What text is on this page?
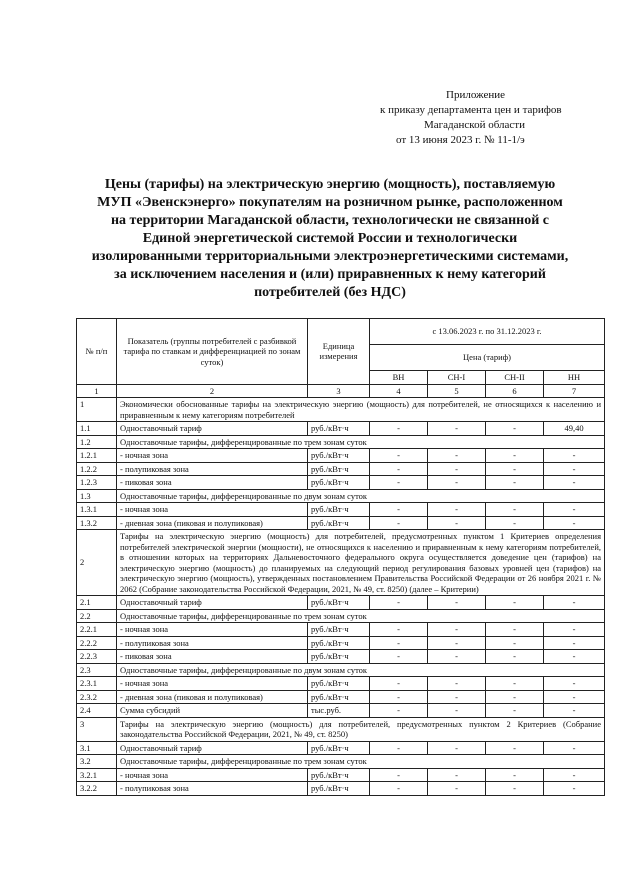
Приложение
к приказу департамента цен и тарифов
Магаданской области
от 13 июня 2023 г. № 11-1/э
Цены (тарифы) на электрическую энергию (мощность), поставляемую
МУП «Эвенскэнерго» покупателям на розничном рынке, расположенном
на территории Магаданской области, технологически не связанной с
Единой энергетической системой России и технологически
изолированными территориальными электроэнергетическими системами,
за исключением населения и (или) приравненных к нему категорий
потребителей (без НДС)
№ п/п	Показатель (группы потребителей с разбивкой тарифа по ставкам и дифференциацией по зонам суток)	Единица измерения	с 13.06.2023 г. по 31.12.2023 г.			
			Цена (тариф)			
			ВН	СН-I	СН-II	НН
1	2	3	4	5	6	7
1	Экономически обоснованные тарифы на электрическую энергию (мощность) для потребителей, не относящихся к населению и приравненным к нему категориям потребителей					
1.1	Одноставочный тариф	руб./кВт·ч	-	-	-	49,40
1.2	Одноставочные тарифы, дифференцированные по трем зонам суток					
1.2.1	- ночная зона	руб./кВт·ч	-	-	-	-
1.2.2	- полупиковая зона	руб./кВт·ч	-	-	-	-
1.2.3	- пиковая зона	руб./кВт·ч	-	-	-	-
1.3	Одноставочные тарифы, дифференцированные по двум зонам суток					
1.3.1	- ночная зона	руб./кВт·ч	-	-	-	-
1.3.2	- дневная зона (пиковая и полупиковая)	руб./кВт·ч	-	-	-	-
2	Тарифы на электрическую энергию (мощность) для потребителей, предусмотренных пунктом 1 Критериев определения потребителей электрической энергии (мощности), не относящихся к населению и приравненным к нему категориям потребителей, в отношении которых на территориях Дальневосточного федерального округа осуществляется доведение цен (тарифов) на электрическую энергию (мощность) до планируемых на следующий период регулирования базовых уровней цен (тарифов) на электрическую энергию (мощность), утвержденных постановлением Правительства Российской Федерации от 26 ноября 2021 г. № 2062 (Собрание законодательства Российской Федерации, 2021, № 49, ст. 8250) (далее – Критерии)					
2.1	Одноставочный тариф	руб./кВт·ч	-	-	-	-
2.2	Одноставочные тарифы, дифференцированные по трем зонам суток					
2.2.1	- ночная зона	руб./кВт·ч	-	-	-	-
2.2.2	- полупиковая зона	руб./кВт·ч	-	-	-	-
2.2.3	- пиковая зона	руб./кВт·ч	-	-	-	-
2.3	Одноставочные тарифы, дифференцированные по двум зонам суток					
2.3.1	- ночная зона	руб./кВт·ч	-	-	-	-
2.3.2	- дневная зона (пиковая и полупиковая)	руб./кВт·ч	-	-	-	-
2.4	Сумма субсидий	тыс.руб.	-	-	-	-
3	Тарифы на электрическую энергию (мощность) для потребителей, предусмотренных пунктом 2 Критериев (Собрание законодательства Российской Федерации, 2021, № 49, ст. 8250)					
3.1	Одноставочный тариф	руб./кВт·ч	-	-	-	-
3.2	Одноставочные тарифы, дифференцированные по трем зонам суток					
3.2.1	- ночная зона	руб./кВт·ч	-	-	-	-
3.2.2	- полупиковая зона	руб./кВт·ч	-	-	-	-
